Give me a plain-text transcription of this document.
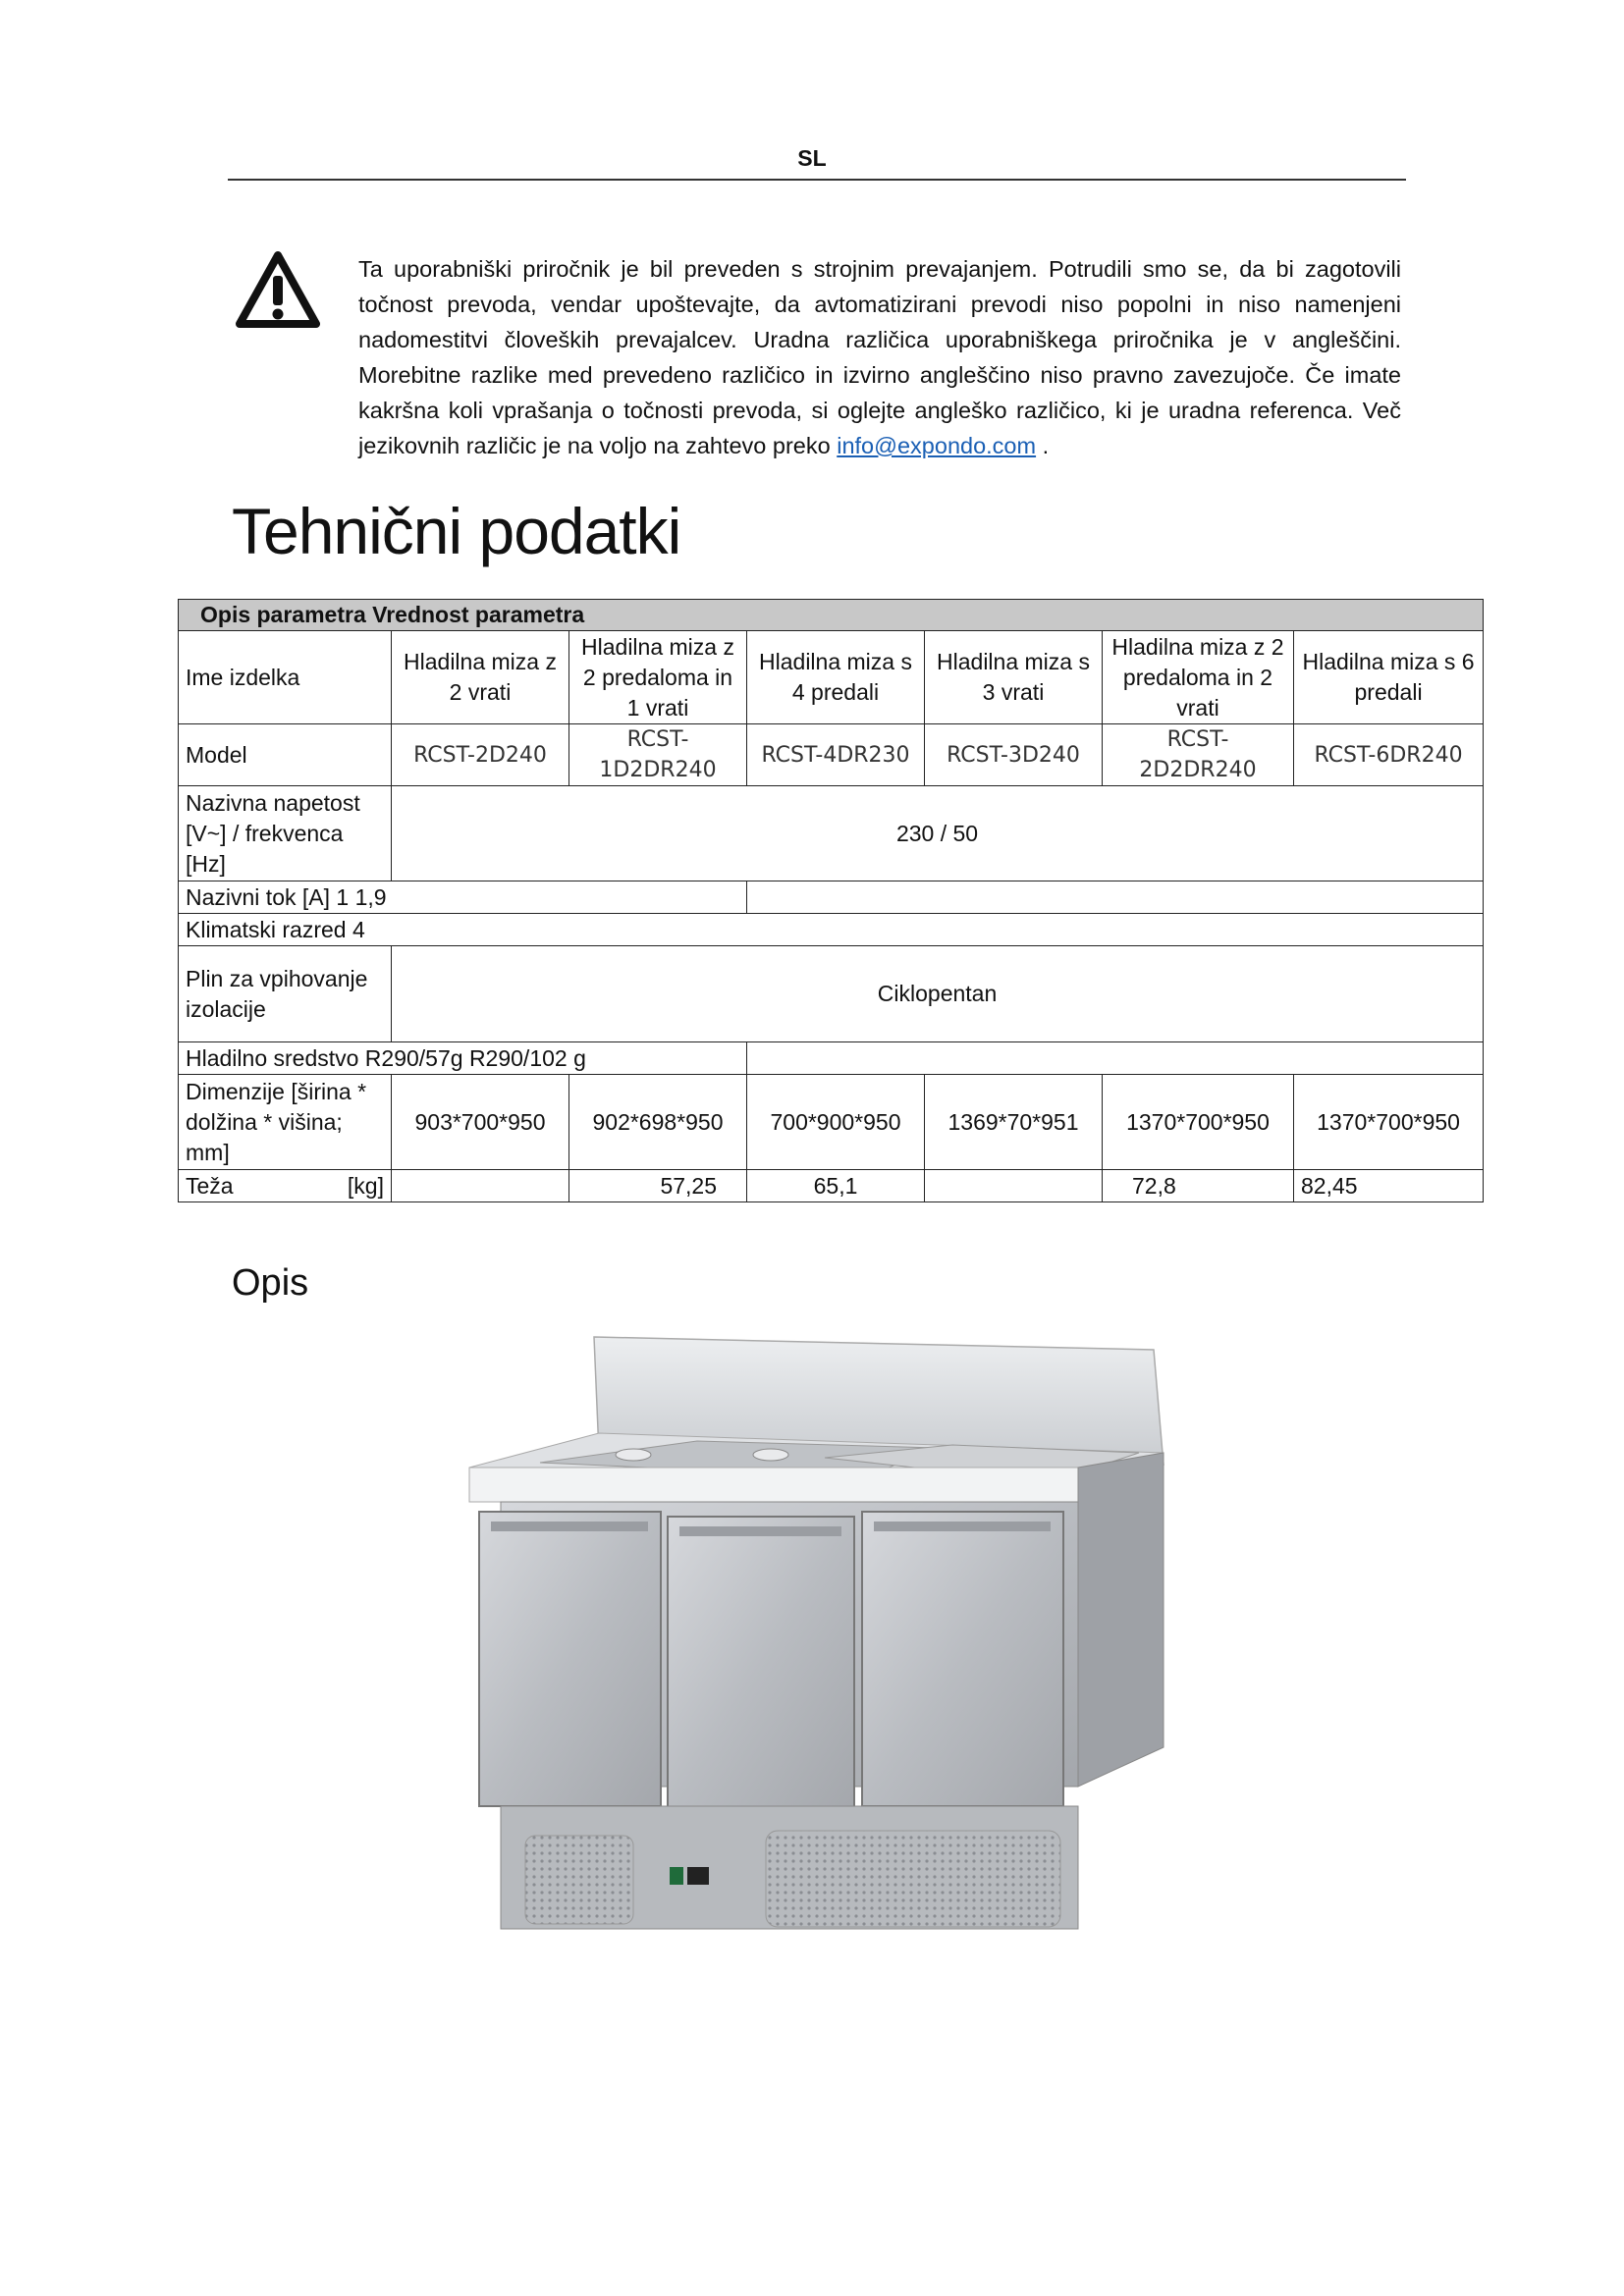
SL
Ta uporabniški priročnik je bil preveden s strojnim prevajanjem. Potrudili smo se, da bi zagotovili točnost prevoda, vendar upoštevajte, da avtomatizirani prevodi niso popolni in niso namenjeni nadomestitvi človeških prevajalcev. Uradna različica uporabniškega priročnika je v angleščini. Morebitne razlike med prevedeno različico in izvirno angleščino niso pravno zavezujoče. Če imate kakršna koli vprašanja o točnosti prevoda, si oglejte angleško različico, ki je uradna referenca. Več jezikovnih različic je na voljo na zahtevo preko info@expondo.com .
Tehnični podatki
Opis parametra Vrednost parametra						
Ime izdelka	Hladilna miza z 2 vrati	Hladilna miza z 2 predaloma in 1 vrati	Hladilna miza s 4 predali	Hladilna miza s 3 vrati	Hladilna miza z 2 predaloma in 2 vrati	Hladilna miza s 6 predali
Model	RCST-2D240	RCST-1D2DR240	RCST-4DR230	RCST-3D240	RCST-2D2DR240	RCST-6DR240
Nazivna napetost [V~] / frekvenca [Hz]	230 / 50					
Nazivni tok [A] 1 1,9						
Klimatski razred 4						
Plin za vpihovanje izolacije	Ciklopentan					
Hladilno sredstvo R290/57g R290/102 g						
Dimenzije [širina * dolžina * višina; mm]	903*700*950	902*698*950	700*900*950	1369*70*951	1370*700*950	1370*700*950
Teža [kg]		57,25	65,1		72,8	82,45
Opis
